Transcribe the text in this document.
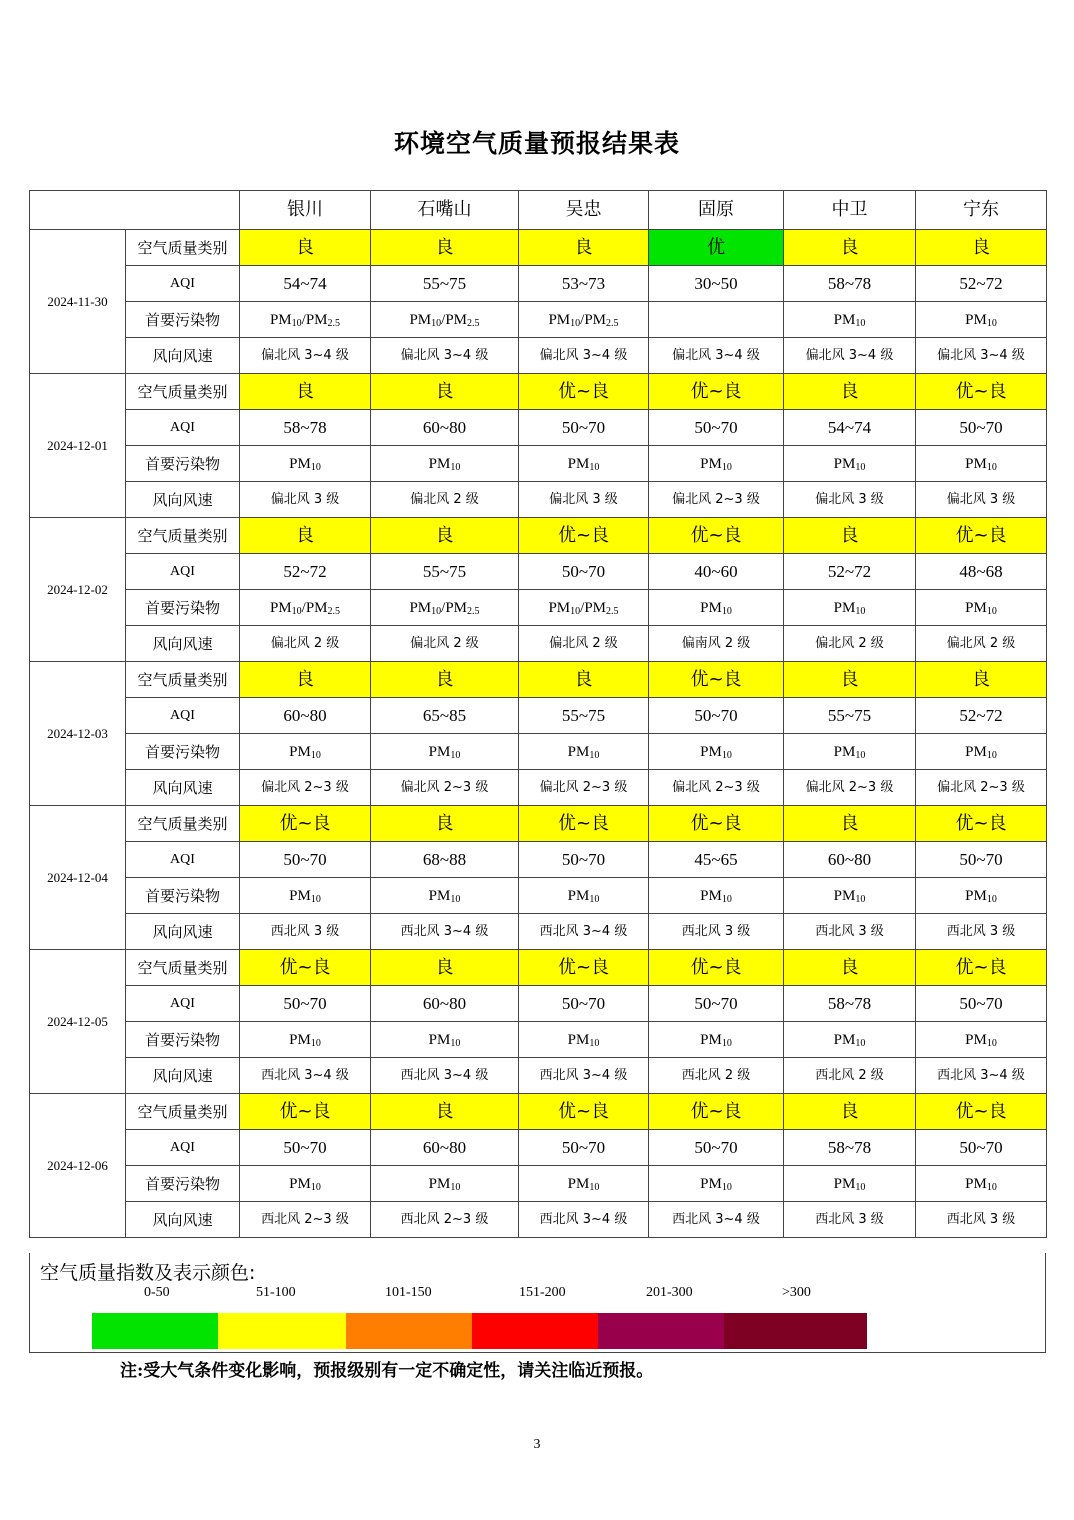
环境空气质量预报结果表
		银川	石嘴山	吴忠	固原	中卫	宁东
2024-11-30	空气质量类别	良	良	良	优	良	良
	AQI	54~74	55~75	53~73	30~50	58~78	52~72
	首要污染物	$PM_{10}/PM_{2.5}$	$PM_{10}/PM_{2.5}$	$PM_{10}/PM_{2.5}$		$PM_{10}$	$PM_{10}$
	风向风速	偏北风 3~4 级	偏北风 3~4 级	偏北风 3~4 级	偏北风 3~4 级	偏北风 3~4 级	偏北风 3~4 级
2024-12-01	空气质量类别	良	良	优~良	优~良	良	优~良
	AQI	58~78	60~80	50~70	50~70	54~74	50~70
	首要污染物	$PM_{10}$	$PM_{10}$	$PM_{10}$	$PM_{10}$	$PM_{10}$	$PM_{10}$
	风向风速	偏北风 3 级	偏北风 2 级	偏北风 3 级	偏北风 2~3 级	偏北风 3 级	偏北风 3 级
2024-12-02	空气质量类别	良	良	优~良	优~良	良	优~良
	AQI	52~72	55~75	50~70	40~60	52~72	48~68
	首要污染物	$PM_{10}/PM_{2.5}$	$PM_{10}/PM_{2.5}$	$PM_{10}/PM_{2.5}$	$PM_{10}$	$PM_{10}$	$PM_{10}$
	风向风速	偏北风 2 级	偏北风 2 级	偏北风 2 级	偏南风 2 级	偏北风 2 级	偏北风 2 级
2024-12-03	空气质量类别	良	良	良	优~良	良	良
	AQI	60~80	65~85	55~75	50~70	55~75	52~72
	首要污染物	$PM_{10}$	$PM_{10}$	$PM_{10}$	$PM_{10}$	$PM_{10}$	$PM_{10}$
	风向风速	偏北风 2~3 级	偏北风 2~3 级	偏北风 2~3 级	偏北风 2~3 级	偏北风 2~3 级	偏北风 2~3 级
2024-12-04	空气质量类别	优~良	良	优~良	优~良	良	优~良
	AQI	50~70	68~88	50~70	45~65	60~80	50~70
	首要污染物	$PM_{10}$	$PM_{10}$	$PM_{10}$	$PM_{10}$	$PM_{10}$	$PM_{10}$
	风向风速	西北风 3 级	西北风 3~4 级	西北风 3~4 级	西北风 3 级	西北风 3 级	西北风 3 级
2024-12-05	空气质量类别	优~良	良	优~良	优~良	良	优~良
	AQI	50~70	60~80	50~70	50~70	58~78	50~70
	首要污染物	$PM_{10}$	$PM_{10}$	$PM_{10}$	$PM_{10}$	$PM_{10}$	$PM_{10}$
	风向风速	西北风 3~4 级	西北风 3~4 级	西北风 3~4 级	西北风 2 级	西北风 2 级	西北风 3~4 级
2024-12-06	空气质量类别	优~良	良	优~良	优~良	良	优~良
	AQI	50~70	60~80	50~70	50~70	58~78	50~70
	首要污染物	$PM_{10}$	$PM_{10}$	$PM_{10}$	$PM_{10}$	$PM_{10}$	$PM_{10}$
	风向风速	西北风 2~3 级	西北风 2~3 级	西北风 3~4 级	西北风 3~4 级	西北风 3 级	西北风 3 级
空气质量指数及表示颜色:
0-50	51-100	101-150	151-200	201-300	>300
注:受大气条件变化影响，预报级别有一定不确定性，请关注临近预报。
3
